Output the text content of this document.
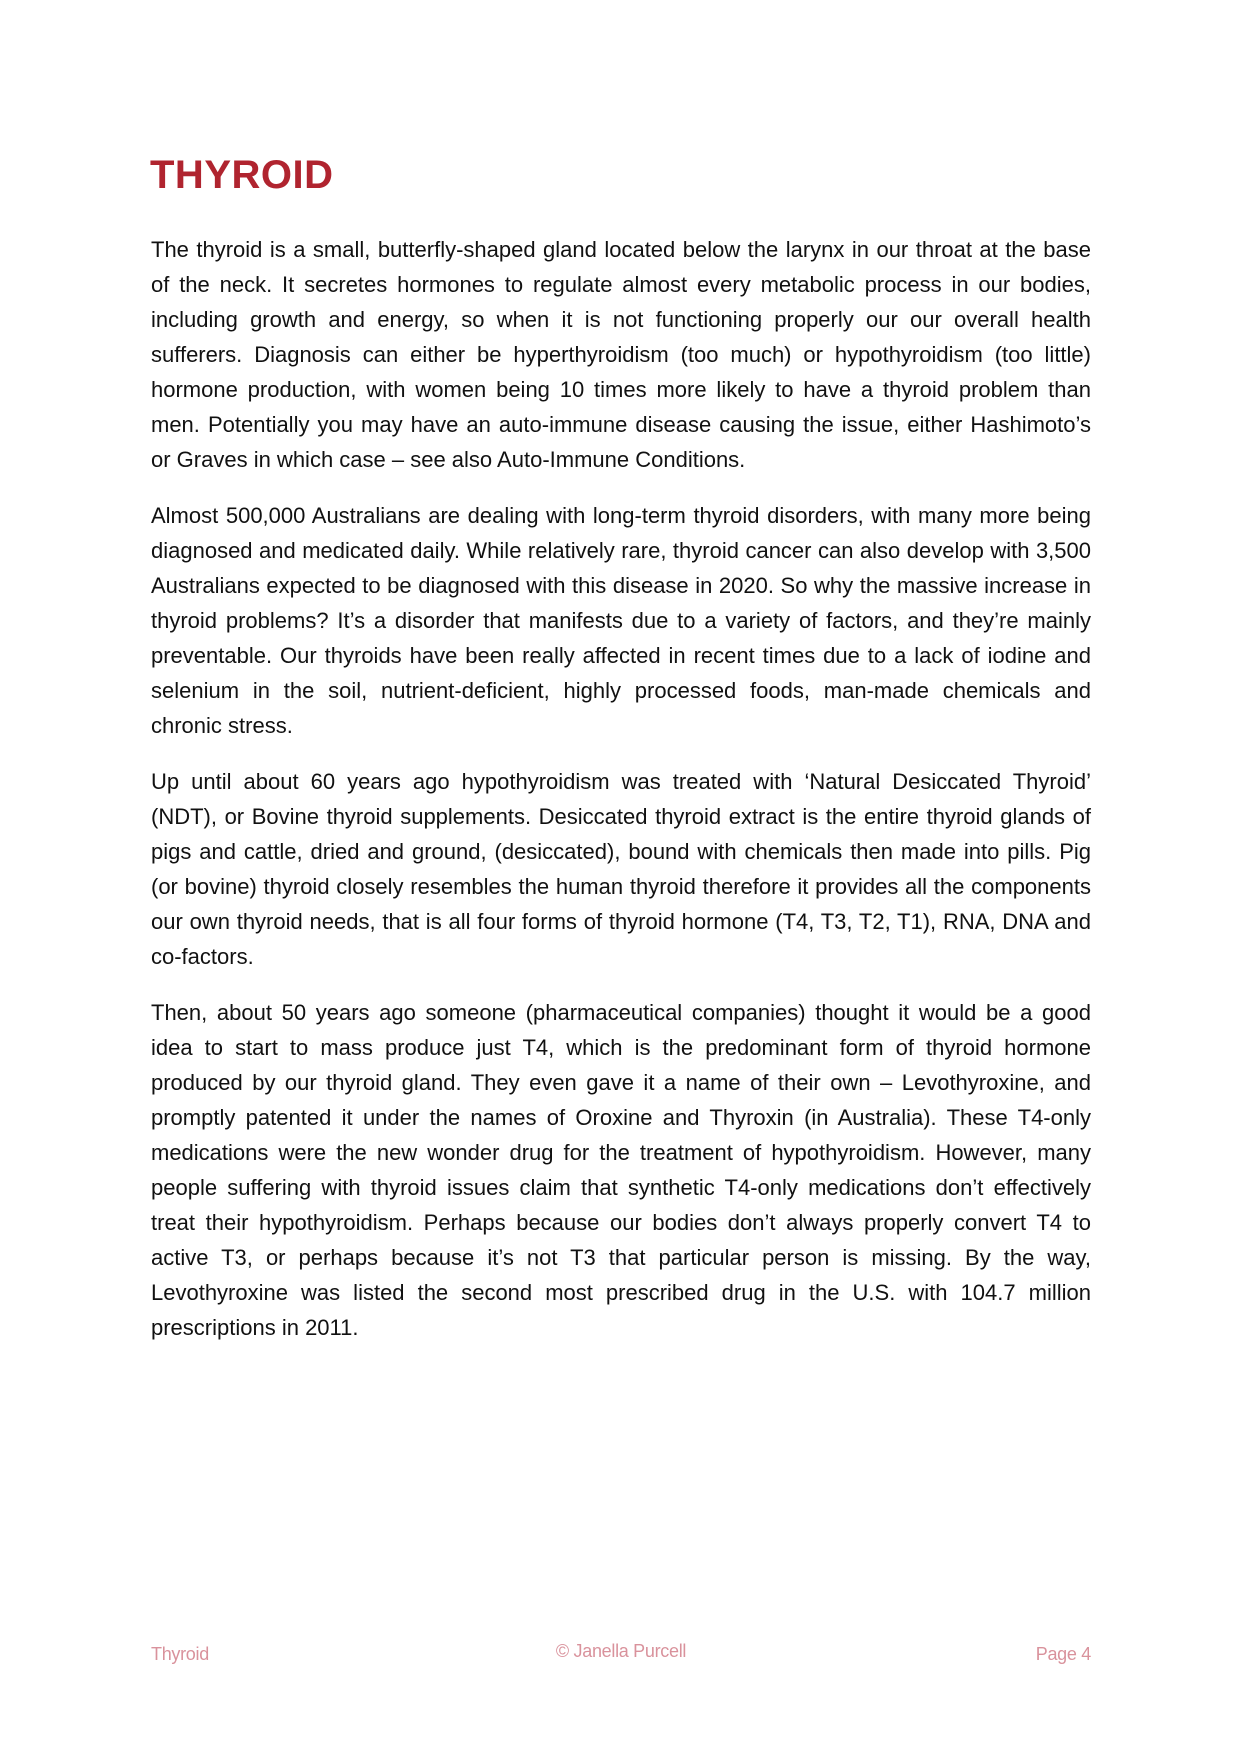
THYROID

The thyroid is a small, butterfly-shaped gland located below the larynx in our throat at the base of the neck. It secretes hormones to regulate almost every metabolic process in our bodies, including growth and energy, so when it is not functioning properly our our overall health sufferers. Diagnosis can either be hyperthyroidism (too much) or hypothyroidism (too little) hormone production, with women being 10 times more likely to have a thyroid problem than men. Potentially you may have an auto-immune disease causing the issue, either Hashimoto’s or Graves in which case – see also Auto-Immune Conditions.

Almost 500,000 Australians are dealing with long-term thyroid disorders, with many more being diagnosed and medicated daily. While relatively rare, thyroid cancer can also develop with 3,500 Australians expected to be diagnosed with this disease in 2020. So why the massive increase in thyroid problems? It’s a disorder that manifests due to a variety of factors, and they’re mainly preventable. Our thyroids have been really affected in recent times due to a lack of iodine and selenium in the soil, nutrient-deficient, highly processed foods, man-made chemicals and chronic stress.

Up until about 60 years ago hypothyroidism was treated with ‘Natural Desiccated Thyroid’ (NDT), or Bovine thyroid supplements. Desiccated thyroid extract is the entire thyroid glands of pigs and cattle, dried and ground, (desiccated), bound with chemicals then made into pills. Pig (or bovine) thyroid closely resembles the human thyroid therefore it provides all the components our own thyroid needs, that is all four forms of thyroid hormone (T4, T3, T2, T1), RNA, DNA and co-factors.

Then, about 50 years ago someone (pharmaceutical companies) thought it would be a good idea to start to mass produce just T4, which is the predominant form of thyroid hormone produced by our thyroid gland. They even gave it a name of their own – Levothyroxine, and promptly patented it under the names of Oroxine and Thyroxin (in Australia). These T4-only medications were the new wonder drug for the treatment of hypothyroidism. However, many people suffering with thyroid issues claim that synthetic T4-only medications don’t effectively treat their hypothyroidism. Perhaps because our bodies don’t always properly convert T4 to active T3, or perhaps because it’s not T3 that particular person is missing. By the way, Levothyroxine was listed the second most prescribed drug in the U.S. with 104.7 million prescriptions in 2011.

Thyroid	© Janella Purcell	Page 4
